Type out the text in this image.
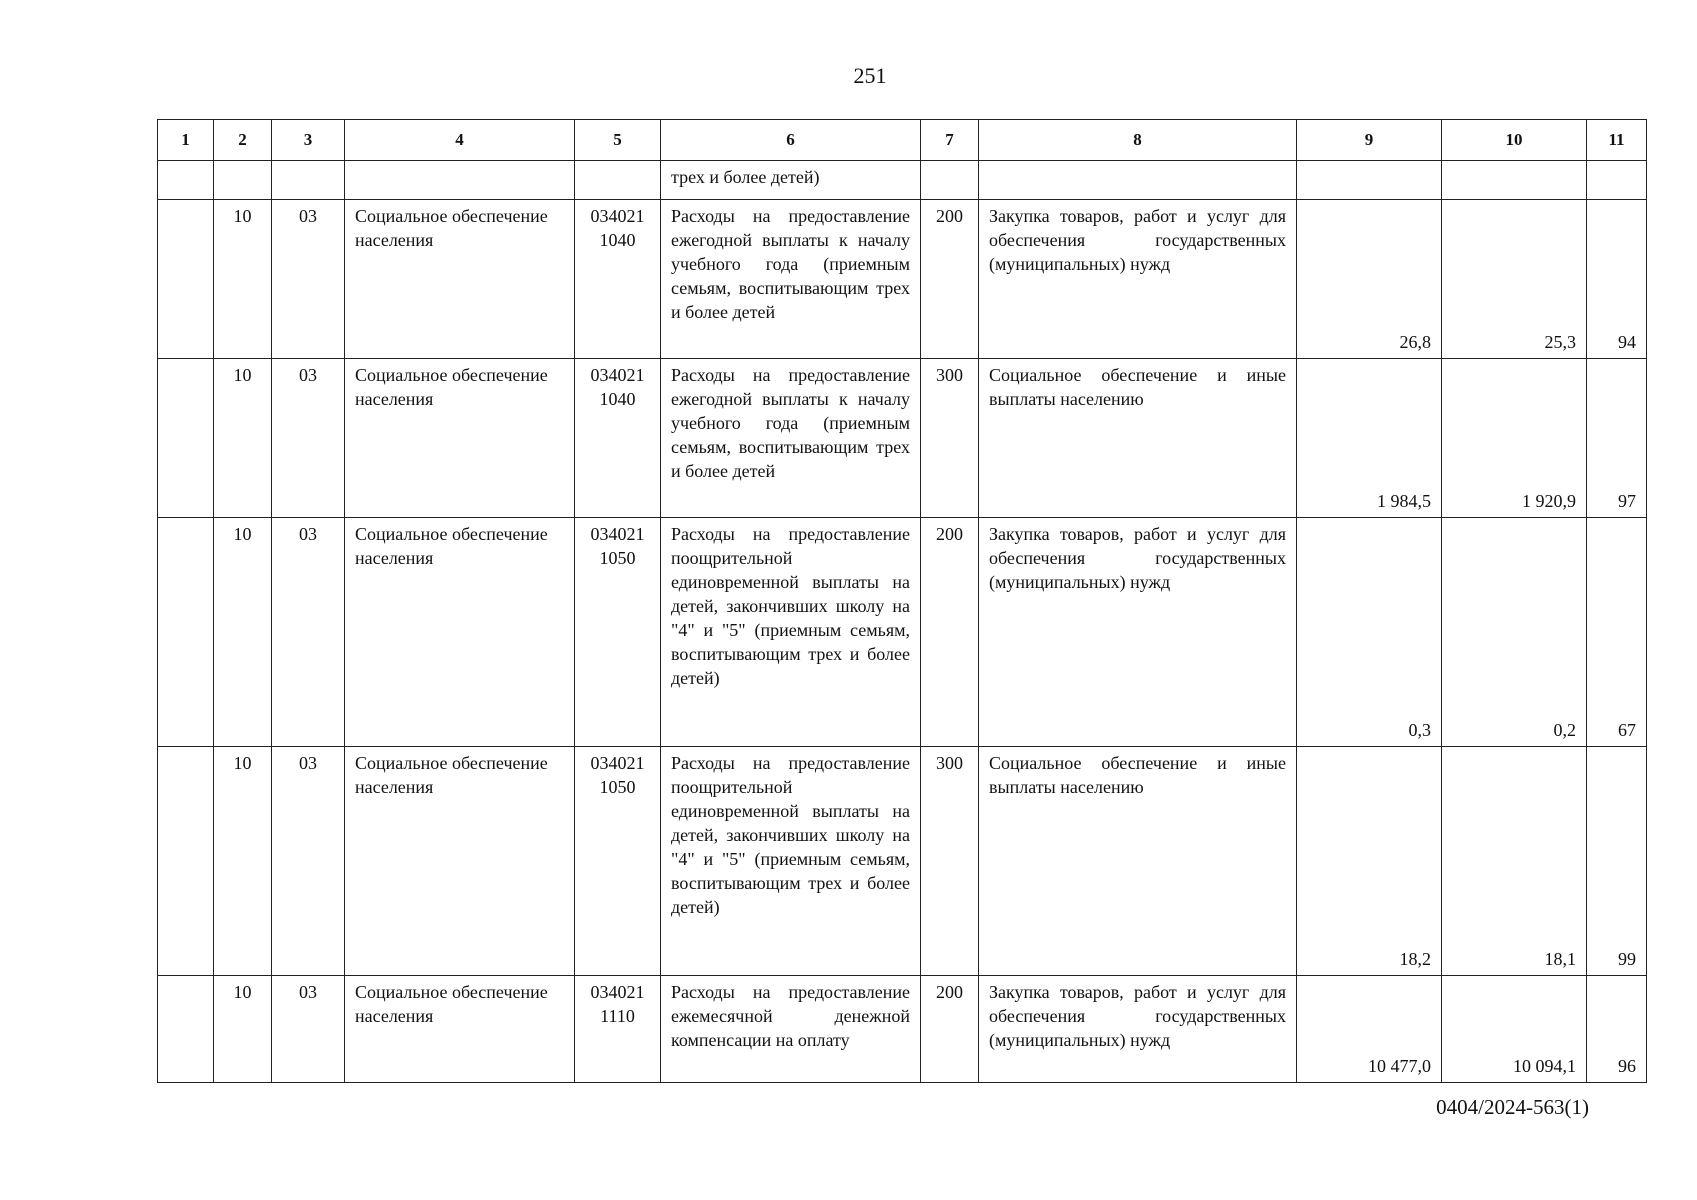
251
1	2	3	4	5	6	7	8	9	10	11
					трех и более детей)					
	10	03	Социальное обеспечение населения	034021 1040	Расходы на предоставление ежегодной выплаты к началу учебного года (приемным семьям, воспитывающим трех и более детей	200	Закупка товаров, работ и услуг для обеспечения государственных (муниципальных) нужд	26,8	25,3	94
	10	03	Социальное обеспечение населения	034021 1040	Расходы на предоставление ежегодной выплаты к началу учебного года (приемным семьям, воспитывающим трех и более детей	300	Социальное обеспечение и иные выплаты населению	1 984,5	1 920,9	97
	10	03	Социальное обеспечение населения	034021 1050	Расходы на предоставление поощрительной единовременной выплаты на детей, закончивших школу на "4" и "5" (приемным семьям, воспитывающим трех и более детей)	200	Закупка товаров, работ и услуг для обеспечения государственных (муниципальных) нужд	0,3	0,2	67
	10	03	Социальное обеспечение населения	034021 1050	Расходы на предоставление поощрительной единовременной выплаты на детей, закончивших школу на "4" и "5" (приемным семьям, воспитывающим трех и более детей)	300	Социальное обеспечение и иные выплаты населению	18,2	18,1	99
	10	03	Социальное обеспечение населения	034021 1110	Расходы на предоставление ежемесячной денежной компенсации на оплату	200	Закупка товаров, работ и услуг для обеспечения государственных (муниципальных) нужд	10 477,0	10 094,1	96
0404/2024-563(1)
